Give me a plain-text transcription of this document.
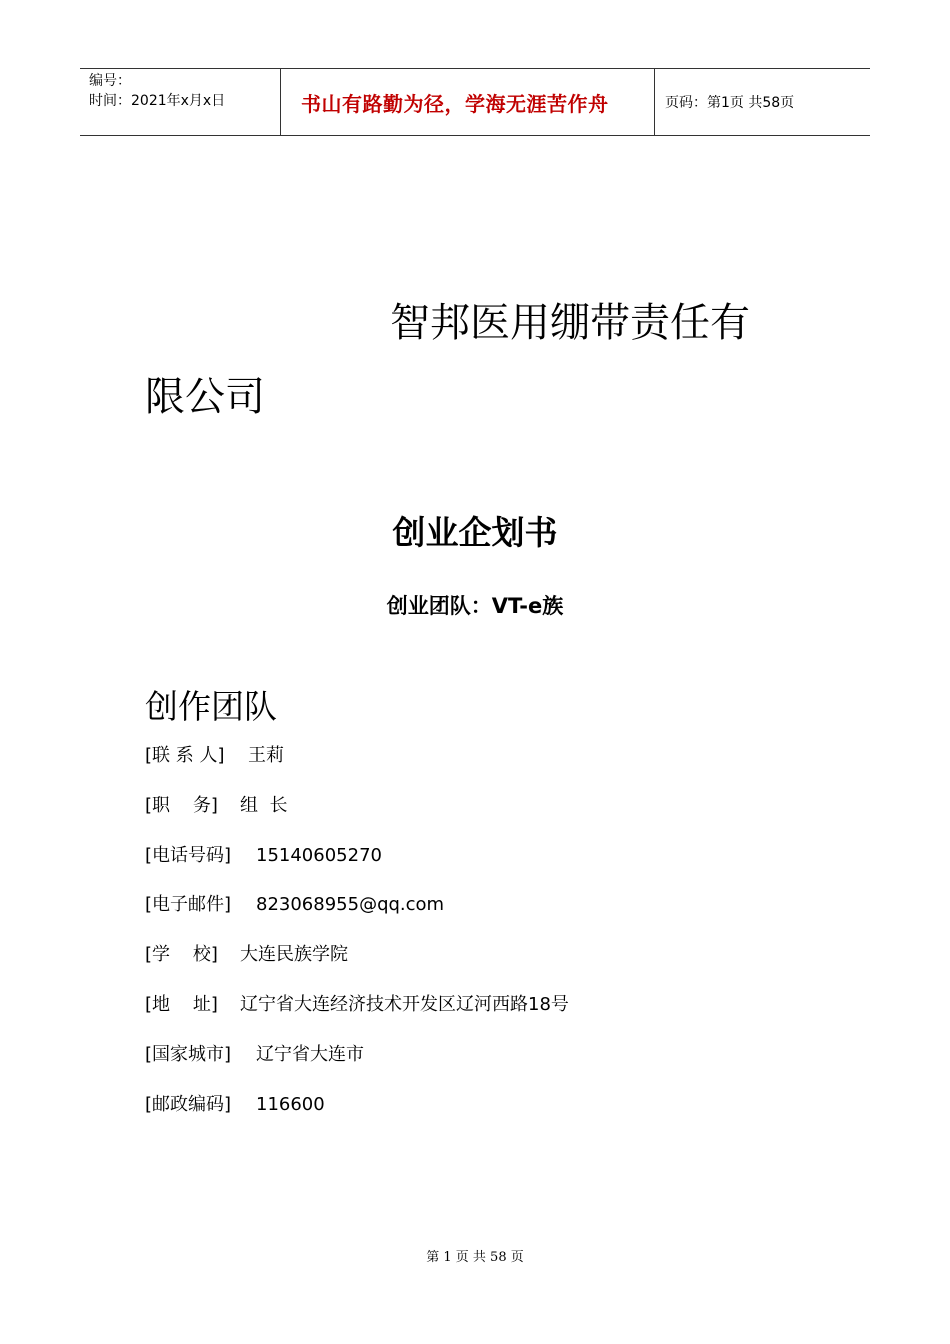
编号：
时间：2021年x月x日	书山有路勤为径，学海无涯苦作舟	页码：第1页 共58页
智邦医用绷带责任有
限公司
创业企划书
创业团队：VT-e族
创作团队
[联 系 人]	王莉
[职    务]	组  长
[电话号码]	15140605270
[电子邮件]	823068955@qq.com
[学    校]	大连民族学院
[地    址]	辽宁省大连经济技术开发区辽河西路18号
[国家城市]	辽宁省大连市
[邮政编码]	116600
第 1 页 共 58 页
